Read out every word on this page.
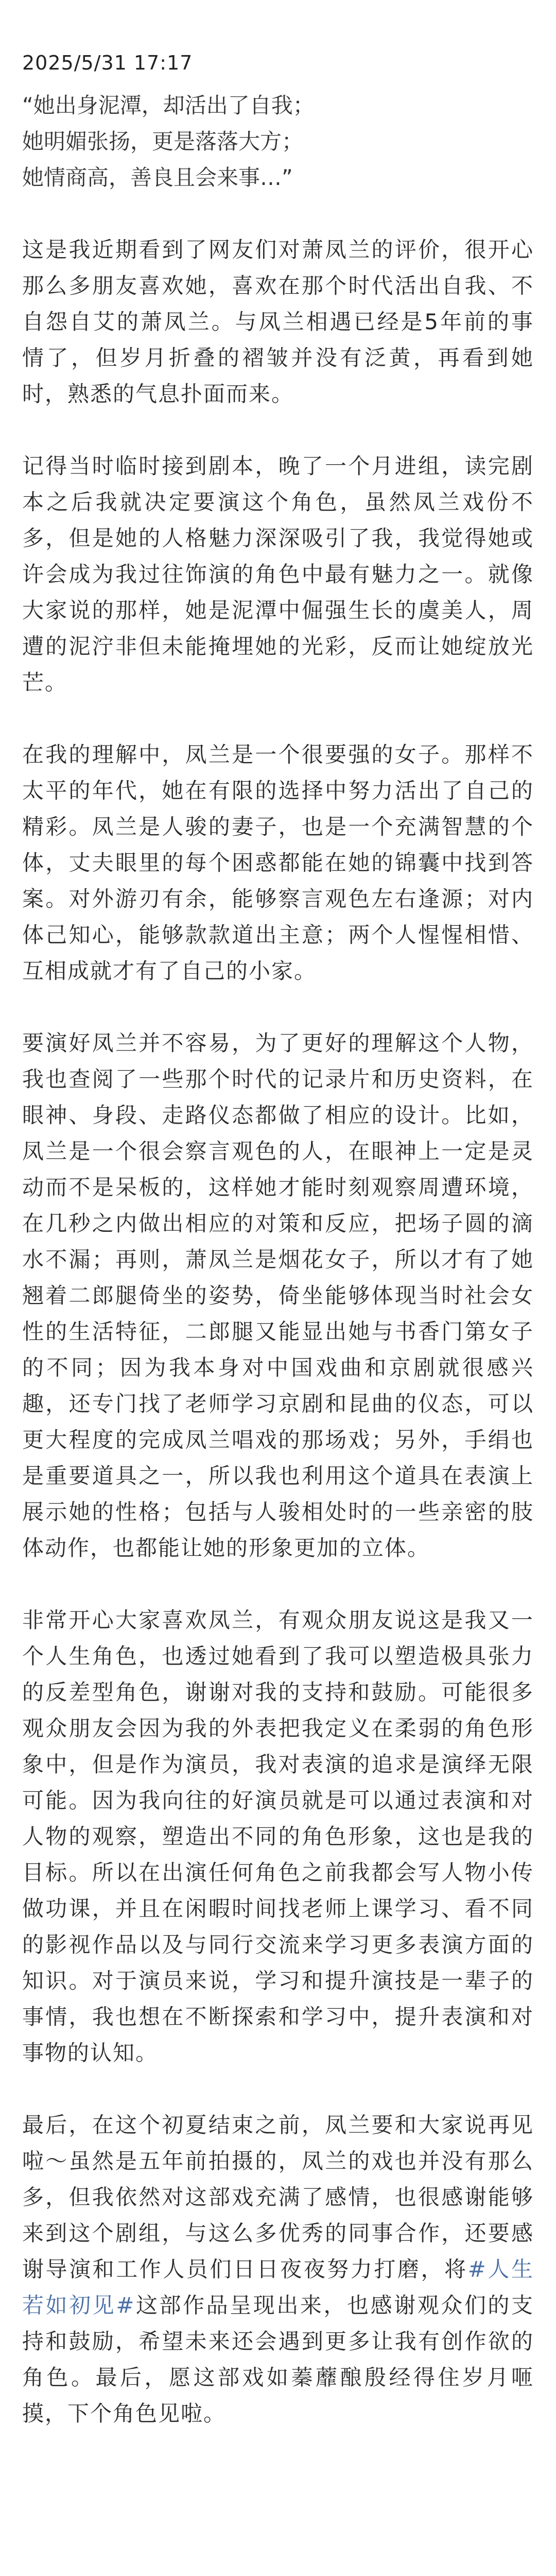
2025/5/31 17:17

“她出身泥潭，却活出了自我；

她明媚张扬，更是落落大方；

她情商高，善良且会来事…”

这是我近期看到了网友们对萧凤兰的评价，很开心那么多朋友喜欢她，喜欢在那个时代活出自我、不自怨自艾的萧凤兰。与凤兰相遇已经是5年前的事情了，但岁月折叠的褶皱并没有泛黄，再看到她时，熟悉的气息扑面而来。

记得当时临时接到剧本，晚了一个月进组，读完剧本之后我就决定要演这个角色，虽然凤兰戏份不多，但是她的人格魅力深深吸引了我，我觉得她或许会成为我过往饰演的角色中最有魅力之一。就像大家说的那样，她是泥潭中倔强生长的虞美人，周遭的泥泞非但未能掩埋她的光彩，反而让她绽放光芒。

在我的理解中，凤兰是一个很要强的女子。那样不太平的年代，她在有限的选择中努力活出了自己的精彩。凤兰是人骏的妻子，也是一个充满智慧的个体，丈夫眼里的每个困惑都能在她的锦囊中找到答案。对外游刃有余，能够察言观色左右逢源；对内体己知心，能够款款道出主意；两个人惺惺相惜、互相成就才有了自己的小家。

要演好凤兰并不容易，为了更好的理解这个人物，我也查阅了一些那个时代的记录片和历史资料，在眼神、身段、走路仪态都做了相应的设计。比如，凤兰是一个很会察言观色的人，在眼神上一定是灵动而不是呆板的，这样她才能时刻观察周遭环境，在几秒之内做出相应的对策和反应，把场子圆的滴水不漏；再则，萧凤兰是烟花女子，所以才有了她翘着二郎腿倚坐的姿势，倚坐能够体现当时社会女性的生活特征，二郎腿又能显出她与书香门第女子的不同；因为我本身对中国戏曲和京剧就很感兴趣，还专门找了老师学习京剧和昆曲的仪态，可以更大程度的完成凤兰唱戏的那场戏；另外，手绢也是重要道具之一，所以我也利用这个道具在表演上展示她的性格；包括与人骏相处时的一些亲密的肢体动作，也都能让她的形象更加的立体。

非常开心大家喜欢凤兰，有观众朋友说这是我又一个人生角色，也透过她看到了我可以塑造极具张力的反差型角色，谢谢对我的支持和鼓励。可能很多观众朋友会因为我的外表把我定义在柔弱的角色形象中，但是作为演员，我对表演的追求是演绎无限可能。因为我向往的好演员就是可以通过表演和对人物的观察，塑造出不同的角色形象，这也是我的目标。所以在出演任何角色之前我都会写人物小传做功课，并且在闲暇时间找老师上课学习、看不同的影视作品以及与同行交流来学习更多表演方面的知识。对于演员来说，学习和提升演技是一辈子的事情，我也想在不断探索和学习中，提升表演和对事物的认知。

最后，在这个初夏结束之前，凤兰要和大家说再见啦～虽然是五年前拍摄的，凤兰的戏也并没有那么多，但我依然对这部戏充满了感情，也很感谢能够来到这个剧组，与这么多优秀的同事合作，还要感谢导演和工作人员们日日夜夜努力打磨，将#人生若如初见#这部作品呈现出来，也感谢观众们的支持和鼓励，希望未来还会遇到更多让我有创作欲的角色。最后，愿这部戏如蓁蘼酿殷经得住岁月咂摸，下个角色见啦。
